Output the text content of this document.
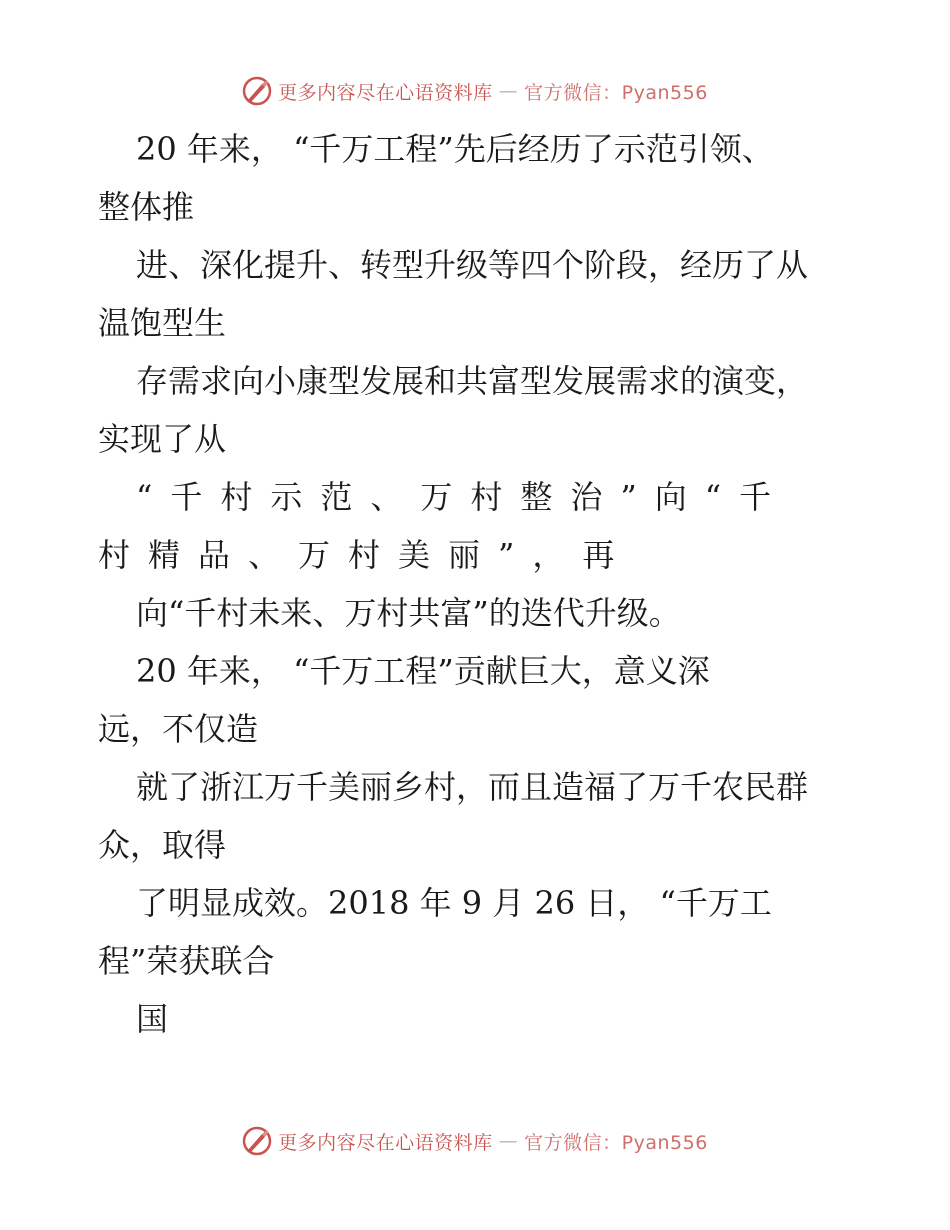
更多内容尽在心语资料库 — 官方微信：Pyan556
20 年来， “千万工程”先后经历了示范引领、
整体推
进、深化提升、转型升级等四个阶段，经历了从
温饱型生
存需求向小康型发展和共富型发展需求的演变，
实现了从
“千村示范、万村整治”向“千
村精品、万村美丽”，再
向“千村未来、万村共富”的迭代升级。
20 年来， “千万工程”贡献巨大，意义深
远，不仅造
就了浙江万千美丽乡村，而且造福了万千农民群
众，取得
了明显成效。2018 年 9 月 26 日， “千万工
程”荣获联合
国
更多内容尽在心语资料库 — 官方微信：Pyan556
